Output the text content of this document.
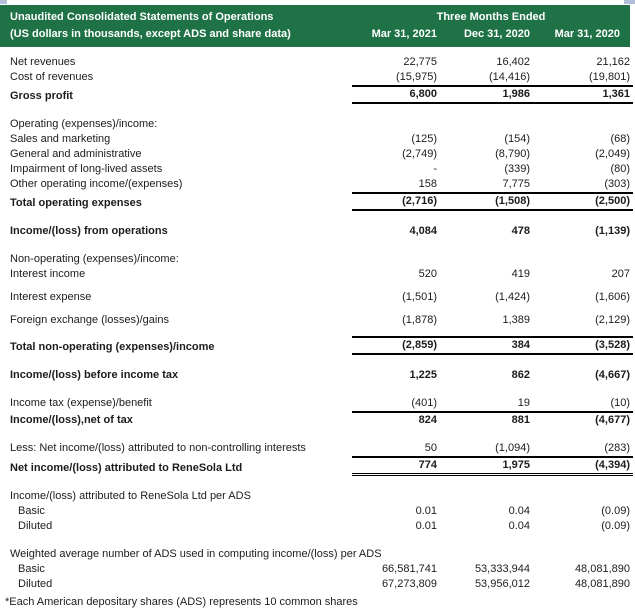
Unaudited Consolidated Statements of Operations
(US dollars in thousands, except ADS and share data)
Three Months Ended
Mar 31, 2021	Dec 31, 2020	Mar 31, 2020
Net revenues	22,775	16,402	21,162
Cost of revenues	(15,975)	(14,416)	(19,801)
Gross profit	6,800	1,986	1,361
Operating (expenses)/income:
Sales and marketing	(125)	(154)	(68)
General and administrative	(2,749)	(8,790)	(2,049)
Impairment of long-lived assets	-	(339)	(80)
Other operating income/(expenses)	158	7,775	(303)
Total operating expenses	(2,716)	(1,508)	(2,500)
Income/(loss) from operations	4,084	478	(1,139)
Non-operating (expenses)/income:
Interest income	520	419	207
Interest expense	(1,501)	(1,424)	(1,606)
Foreign exchange (losses)/gains	(1,878)	1,389	(2,129)
Total non-operating (expenses)/income	(2,859)	384	(3,528)
Income/(loss) before income tax	1,225	862	(4,667)
Income tax (expense)/benefit	(401)	19	(10)
Income/(loss),net of tax	824	881	(4,677)
Less: Net income/(loss) attributed to non-controlling interests	50	(1,094)	(283)
Net income/(loss) attributed to ReneSola Ltd	774	1,975	(4,394)
Income/(loss) attributed to ReneSola Ltd per ADS
Basic	0.01	0.04	(0.09)
Diluted	0.01	0.04	(0.09)
Weighted average number of ADS used in computing income/(loss) per ADS
Basic	66,581,741	53,333,944	48,081,890
Diluted	67,273,809	53,956,012	48,081,890
*Each American depositary shares (ADS) represents 10 common shares
